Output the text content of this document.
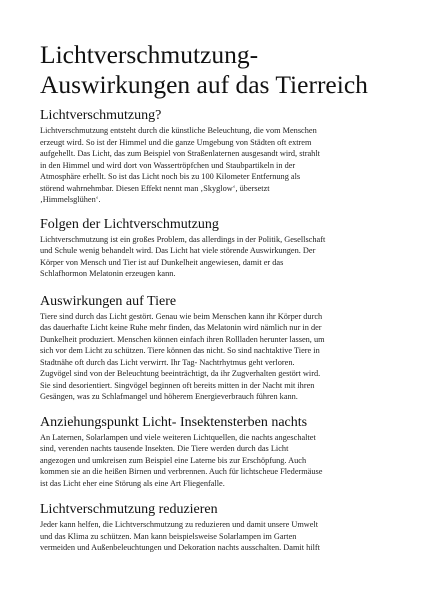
Lichtverschmutzung-
Auswirkungen auf das Tierreich
Lichtverschmutzung?

Lichtverschmutzung entsteht durch die künstliche Beleuchtung, die vom Menschen
erzeugt wird. So ist der Himmel und die ganze Umgebung von Städten oft extrem
aufgehellt. Das Licht, das zum Beispiel von Straßenlaternen ausgesandt wird, strahlt
in den Himmel und wird dort von Wassertröpfchen und Staubpartikeln in der
Atmosphäre erhellt. So ist das Licht noch bis zu 100 Kilometer Entfernung als
störend wahrnehmbar. Diesen Effekt nennt man ‚Skyglow‘, übersetzt
‚Himmelsglühen‘.

Folgen der Lichtverschmutzung

Lichtverschmutzung ist ein großes Problem, das allerdings in der Politik, Gesellschaft
und Schule wenig behandelt wird. Das Licht hat viele störende Auswirkungen. Der
Körper von Mensch und Tier ist auf Dunkelheit angewiesen, damit er das
Schlafhormon Melatonin erzeugen kann.

Auswirkungen auf Tiere

Tiere sind durch das Licht gestört. Genau wie beim Menschen kann ihr Körper durch
das dauerhafte Licht keine Ruhe mehr finden, das Melatonin wird nämlich nur in der
Dunkelheit produziert. Menschen können einfach ihren Rollladen herunter lassen, um
sich vor dem Licht zu schützen. Tiere können das nicht. So sind nachtaktive Tiere in
Stadtnähe oft durch das Licht verwirrt. Ihr Tag- Nachtrhytmus geht verloren.
Zugvögel sind von der Beleuchtung beeinträchtigt, da ihr Zugverhalten gestört wird.
Sie sind desorientiert. Singvögel beginnen oft bereits mitten in der Nacht mit ihren
Gesängen, was zu Schlafmangel und höherem Energieverbrauch führen kann.

Anziehungspunkt Licht- Insektensterben nachts

An Laternen, Solarlampen und viele weiteren Lichtquellen, die nachts angeschaltet
sind, verenden nachts tausende Insekten. Die Tiere werden durch das Licht
angezogen und umkreisen zum Beispiel eine Laterne bis zur Erschöpfung. Auch
kommen sie an die heißen Birnen und verbrennen. Auch für lichtscheue Fledermäuse
ist das Licht eher eine Störung als eine Art Fliegenfalle.

Lichtverschmutzung reduzieren

Jeder kann helfen, die Lichtverschmutzung zu reduzieren und damit unsere Umwelt
und das Klima zu schützen. Man kann beispielsweise Solarlampen im Garten
vermeiden und Außenbeleuchtungen und Dekoration nachts ausschalten. Damit hilft
